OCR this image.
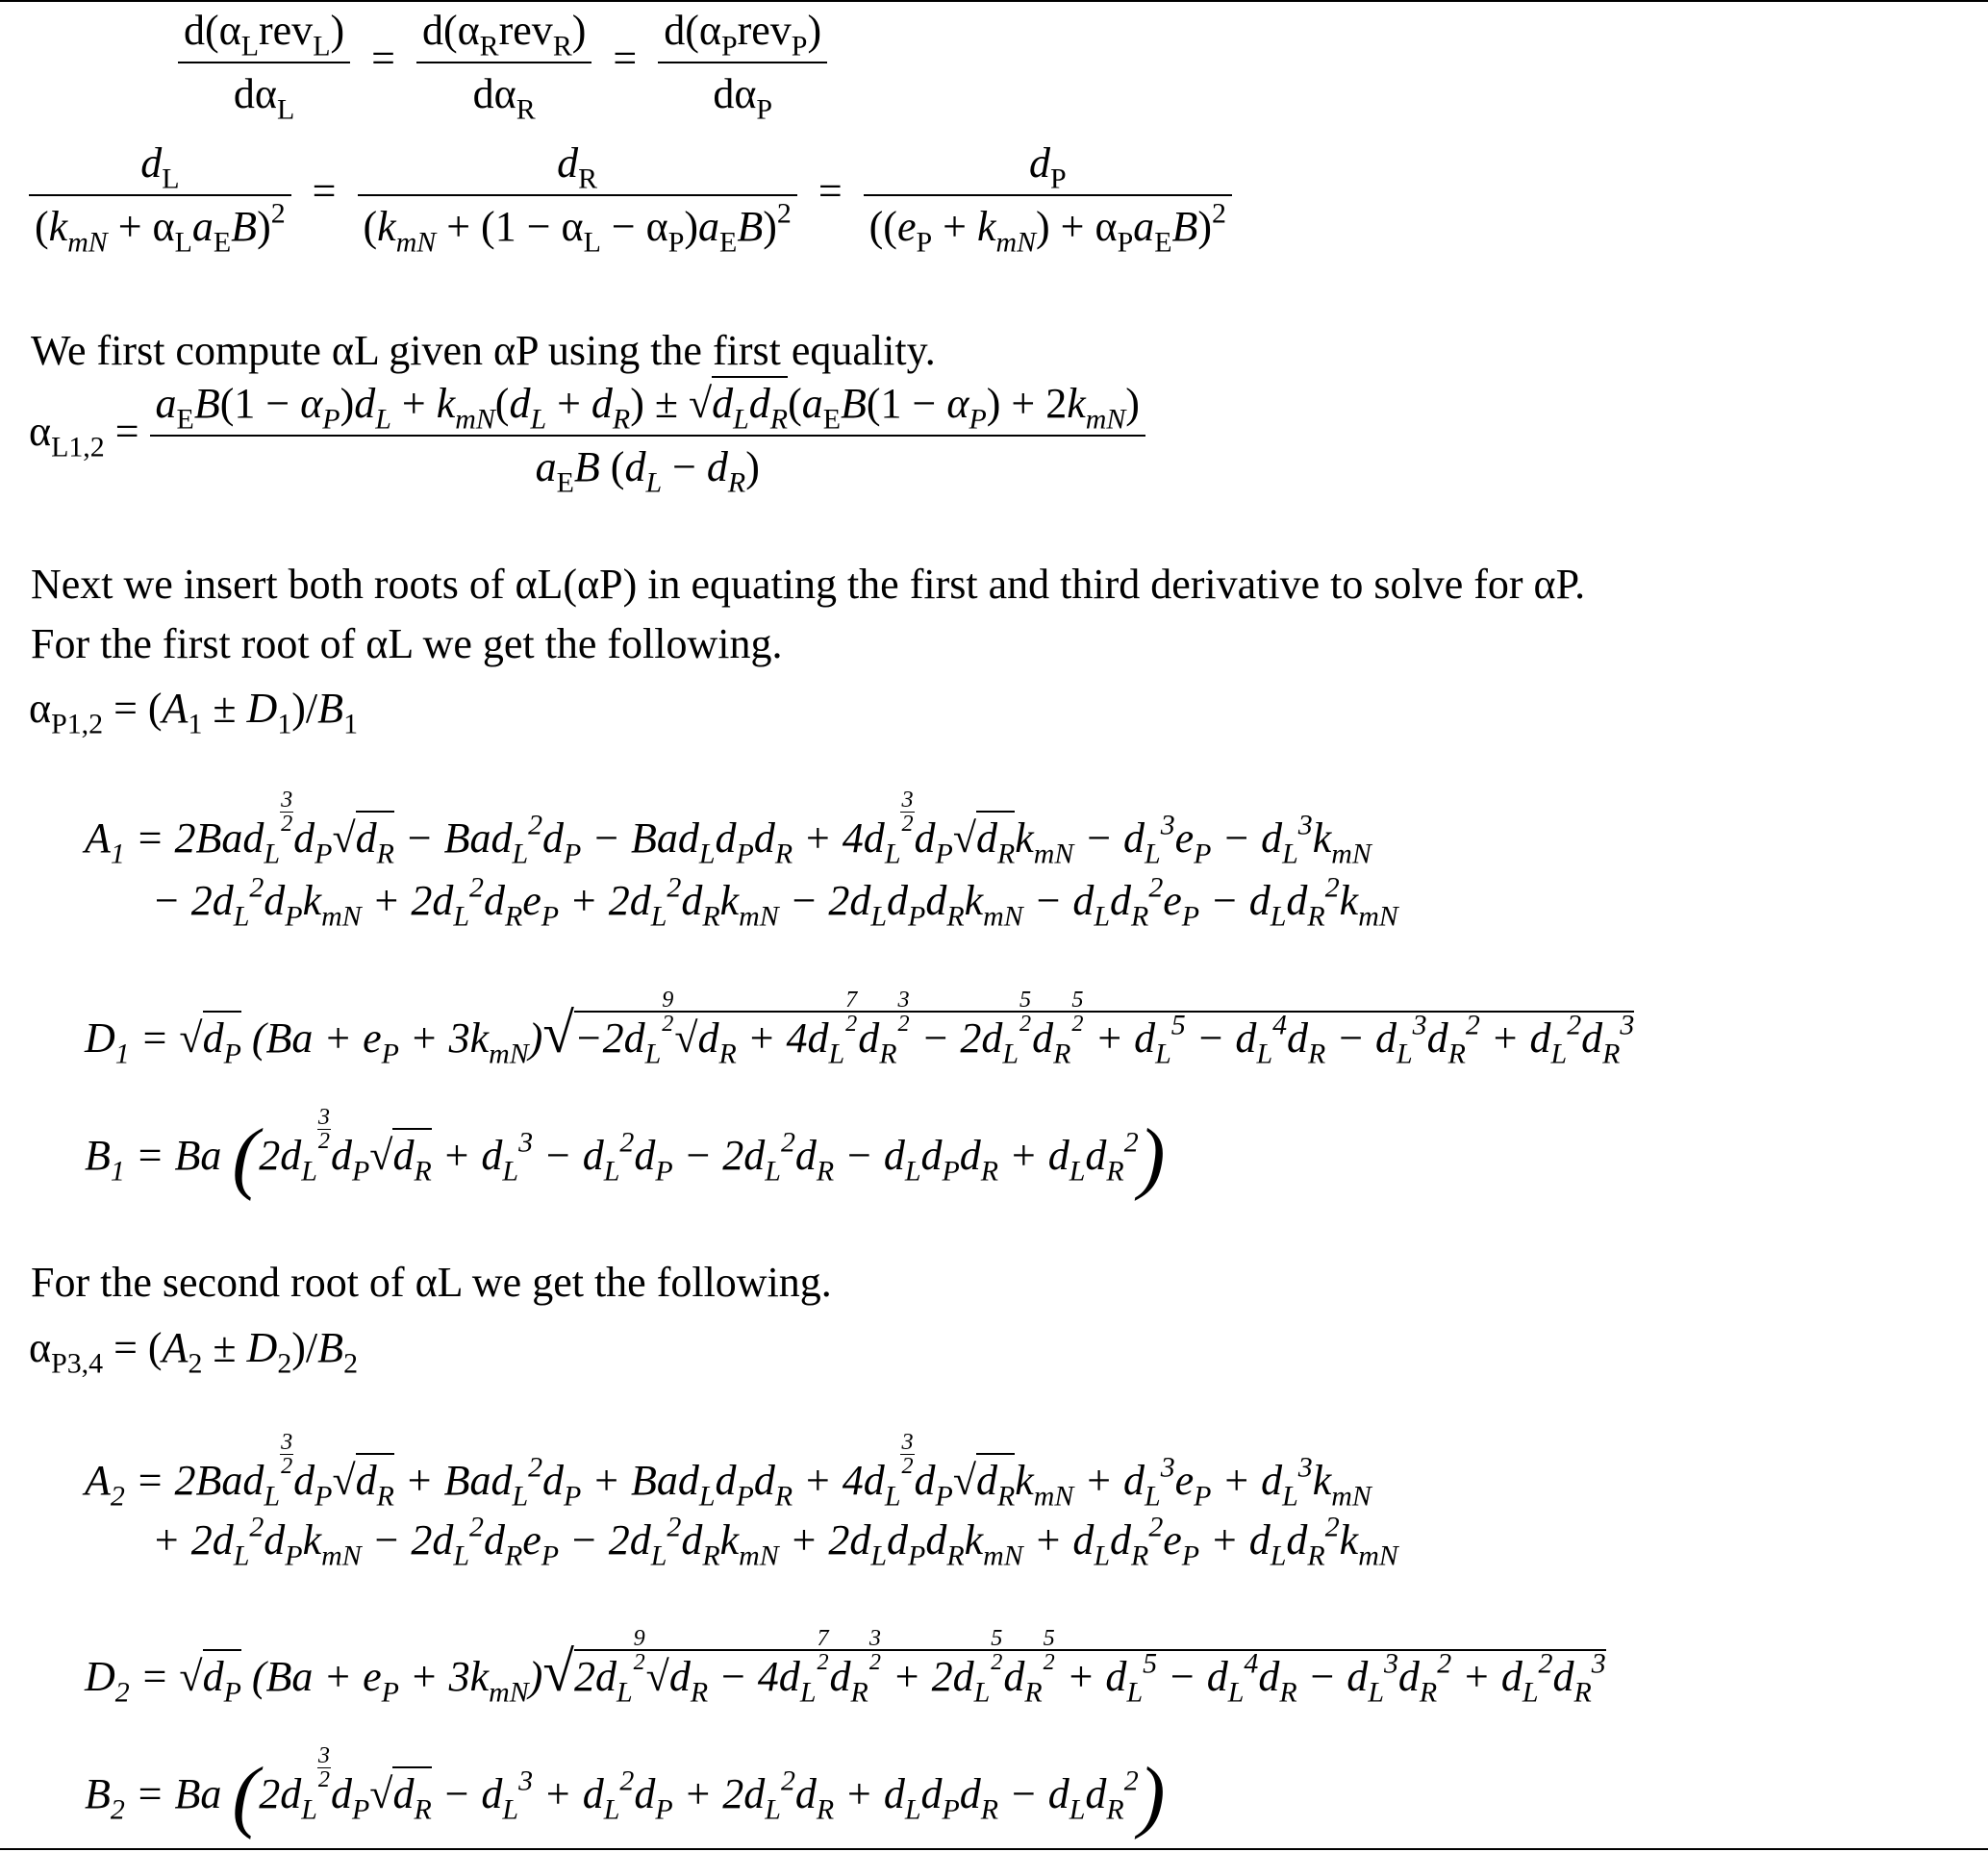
$\frac{d(\alpha_Lrev_L)}{d\alpha_L} = \frac{d(\alpha_Rrev_R)}{d\alpha_R} = \frac{d(\alpha_Prev_P)}{d\alpha_P}$
$\frac{d_L}{(k_{mN} + \alpha_La_EB)^2} = \frac{d_R}{(k_{mN} + (1 - \alpha_L - \alpha_P)a_EB)^2} = \frac{d_P}{((e_P + k_{mN}) + \alpha_Pa_EB)^2}$
We first compute αL given αP using the first equality.
$\alpha_{L1,2} = \frac{a_EB(1 - \alpha_P)d_L + k_{mN}(d_L + d_R) \pm √d_Ld_R(a_EB(1 - \alpha_P) + 2k_{mN})}{a_EB (d_L - d_R)}$
Next we insert both roots of αL(αP) in equating the first and third derivative to solve for αP.
For the first root of αL we get the following.
$\alpha_{P1,2} = (A_1 \pm D_1)/B_1$
$A_1 = 2Bad_L$
$\frac{3}{2}$
$d_P√d_R - Bad_L^2d_P - Bad_Ld_Pd_R + 4d_L$
$\frac{3}{2}$
$d_P√d_Rk_{mN} - d_L^3e_P - d_L^3k_{mN}$
− $2d_L^2d_Pk_{mN} + 2d_L^2d_Re_P + 2d_L^2d_Rk_{mN} - 2d_Ld_Pd_Rk_{mN} - d_Ld_R^2e_P - d_Ld_R^2k_{mN}$
$D_1 = √d_P$ $(Ba + e_P + 3k_{mN})√-2d_L$
$\frac{9}{2}$
$√d_R + 4d_L$
$\frac{7}{2}$
$d_R$
$\frac{3}{2}$
− $2d_L$
$\frac{5}{2}$
$d_R$
$\frac{5}{2}$
+ $d_L^5 - d_L^4d_R - d_L^3d_R^2 + d_L^2d_R^3$
$B_1 = Ba$ ($2d_L$
$\frac{3}{2}$
$d_P√d_R + d_L^3 - d_L^2d_P - 2d_L^2d_R - d_Ld_Pd_R + d_Ld_R^2$)
For the second root of αL we get the following.
$\alpha_{P3,4} = (A_2 \pm D_2)/B_2$
$A_2 = 2Bad_L$
$\frac{3}{2}$
$d_P√d_R + Bad_L^2d_P + Bad_Ld_Pd_R + 4d_L$
$\frac{3}{2}$
$d_P√d_Rk_{mN} + d_L^3e_P + d_L^3k_{mN}$
+ $2d_L^2d_Pk_{mN} - 2d_L^2d_Re_P - 2d_L^2d_Rk_{mN} + 2d_Ld_Pd_Rk_{mN} + d_Ld_R^2e_P + d_Ld_R^2k_{mN}$
$D_2 = √d_P$ $(Ba + e_P + 3k_{mN})√2d_L$
$\frac{9}{2}$
$√d_R - 4d_L$
$\frac{7}{2}$
$d_R$
$\frac{3}{2}$
+ $2d_L$
$\frac{5}{2}$
$d_R$
$\frac{5}{2}$
+ $d_L^5 - d_L^4d_R - d_L^3d_R^2 + d_L^2d_R^3$
$B_2 = Ba$ ($2d_L$
$\frac{3}{2}$
$d_P√d_R - d_L^3 + d_L^2d_P + 2d_L^2d_R + d_Ld_Pd_R - d_Ld_R^2$)
